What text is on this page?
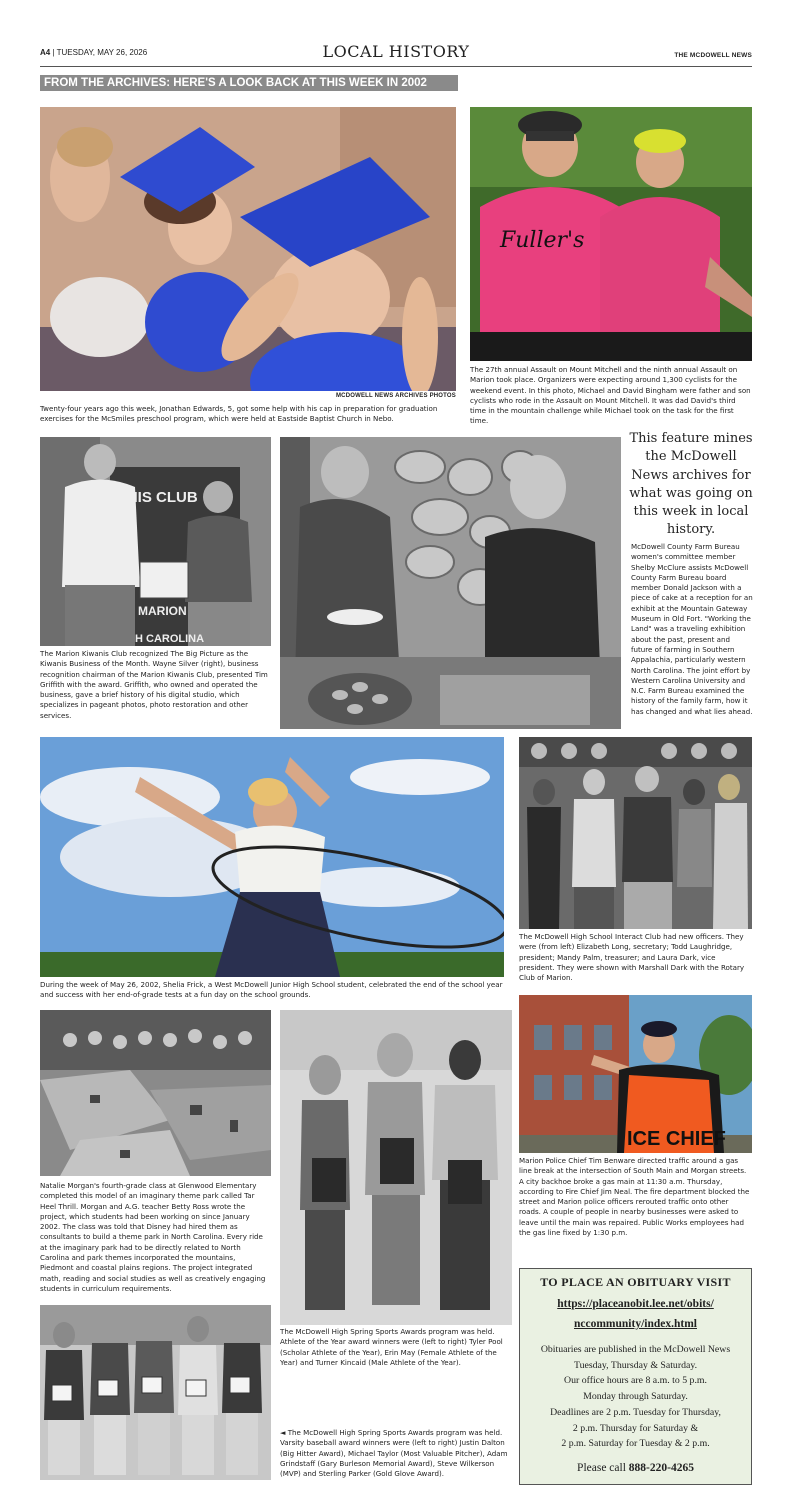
A4 | TUESDAY, MAY 26, 2026	LOCAL HISTORY	THE MCDOWELL NEWS
FROM THE ARCHIVES: HERE'S A LOOK BACK AT THIS WEEK IN 2002
MCDOWELL NEWS ARCHIVES PHOTOS
Twenty-four years ago this week, Jonathan Edwards, 5, got some help with his cap in preparation for graduation exercises for the McSmiles preschool program, which were held at Eastside Baptist Church in Nebo.
Fuller's
The 27th annual Assault on Mount Mitchell and the ninth annual Assault on Marion took place. Organizers were expecting around 1,300 cyclists for the weekend event. In this photo, Michael and David Bingham were father and son cyclists who rode in the Assault on Mount Mitchell. It was dad David's third time in the mountain challenge while Michael took on the task for the first time.
ANIS CLUB
MARION
H CAROLINA
The Marion Kiwanis Club recognized The Big Picture as the Kiwanis Business of the Month. Wayne Silver (right), business recognition chairman of the Marion Kiwanis Club, presented Tim Griffith with the award. Griffith, who owned and operated the business, gave a brief history of his digital studio, which specializes in pageant photos, photo restoration and other services.
This feature mines the McDowell News archives for what was going on this week in local history.
McDowell County Farm Bureau women's committee member Shelby McClure assists McDowell County Farm Bureau board member Donald Jackson with a piece of cake at a reception for an exhibit at the Mountain Gateway Museum in Old Fort. "Working the Land" was a traveling exhibition about the past, present and future of farming in Southern Appalachia, particularly western North Carolina. The joint effort by Western Carolina University and N.C. Farm Bureau examined the history of the family farm, how it has changed and what lies ahead.
During the week of May 26, 2002, Shelia Frick, a West McDowell Junior High School student, celebrated the end of the school year and success with her end-of-grade tests at a fun day on the school grounds.
The McDowell High School Interact Club had new officers. They were (from left) Elizabeth Long, secretary; Todd Laughridge, president; Mandy Palm, treasurer; and Laura Dark, vice president. They were shown with Marshall Dark with the Rotary Club of Marion.
Natalie Morgan's fourth-grade class at Glenwood Elementary completed this model of an imaginary theme park called Tar Heel Thrill. Morgan and A.G. teacher Betty Ross wrote the project, which students had been working on since January 2002. The class was told that Disney had hired them as consultants to build a theme park in North Carolina. Every ride at the imaginary park had to be directly related to North Carolina and park themes incorporated the mountains, Piedmont and coastal plains regions. The project integrated math, reading and social studies as well as creatively engaging students in curriculum requirements.
The McDowell High Spring Sports Awards program was held. Athlete of the Year award winners were (left to right) Tyler Pool (Scholar Athlete of the Year), Erin May (Female Athlete of the Year) and Turner Kincaid (Male Athlete of the Year).
ICE CHIEF
Marion Police Chief Tim Benware directed traffic around a gas line break at the intersection of South Main and Morgan streets. A city backhoe broke a gas main at 11:30 a.m. Thursday, according to Fire Chief Jim Neal. The fire department blocked the street and Marion police officers rerouted traffic onto other roads. A couple of people in nearby businesses were asked to leave until the main was repaired. Public Works employees had the gas line fixed by 1:30 p.m.
◄ The McDowell High Spring Sports Awards program was held. Varsity baseball award winners were (left to right) Justin Dalton (Big Hitter Award), Michael Taylor (Most Valuable Pitcher), Adam Grindstaff (Gary Burleson Memorial Award), Steve Wilkerson (MVP) and Sterling Parker (Gold Glove Award).
TO PLACE AN OBITUARY VISIT
https://placeanobit.lee.net/obits/
nccommunity/index.html
Obituaries are published in the McDowell News
Tuesday, Thursday & Saturday.
Our office hours are 8 a.m. to 5 p.m.
Monday through Saturday.
Deadlines are 2 p.m. Tuesday for Thursday,
2 p.m. Thursday for Saturday &
2 p.m. Saturday for Tuesday & 2 p.m.
Please call 888-220-4265
